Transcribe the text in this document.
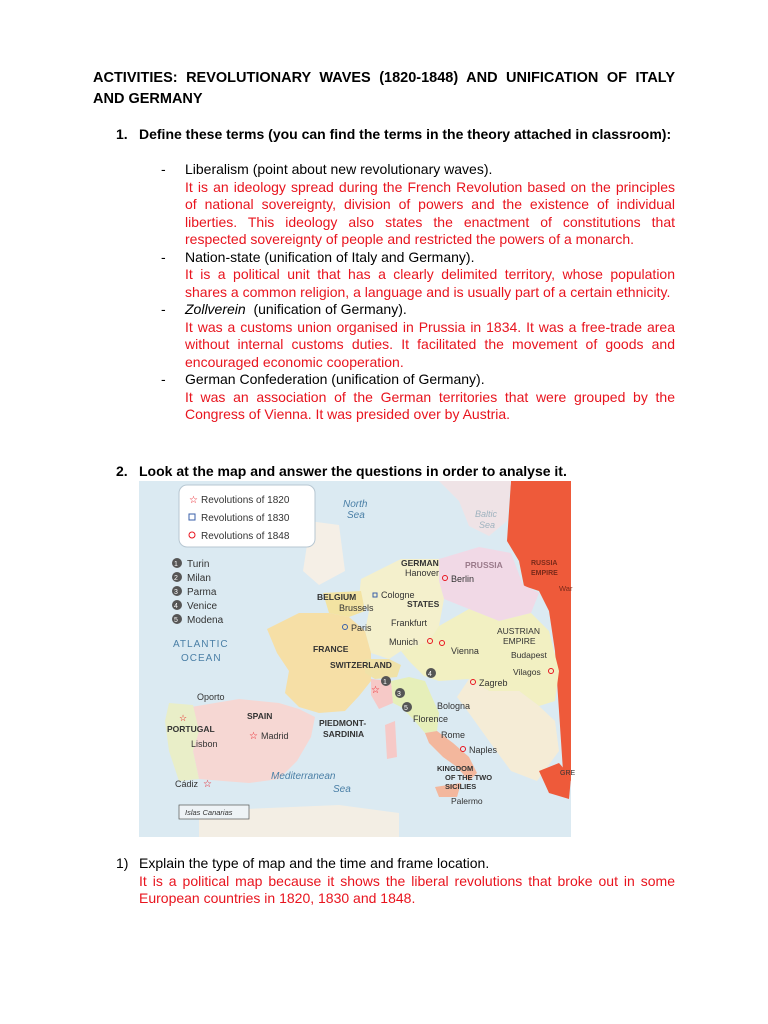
ACTIVITIES: REVOLUTIONARY WAVES (1820-1848) AND UNIFICATION OF ITALY AND GERMANY
1. Define these terms (you can find the terms in the theory attached in classroom):
- Liberalism (point about new revolutionary waves).
It is an ideology spread during the French Revolution based on the principles of national sovereignty, division of powers and the existence of individual liberties. This ideology also states the enactment of constitutions that respected sovereignty of people and restricted the powers of a monarch.
- Nation-state (unification of Italy and Germany).
It is a political unit that has a clearly delimited territory, whose population shares a common religion, a language and is usually part of a certain ethnicity.
- Zollverein  (unification of Germany).
It was a customs union organised in Prussia in 1834. It was a free-trade area without internal customs duties. It facilitated the movement of goods and encouraged economic cooperation.
- German Confederation (unification of Germany).
It was an association of the German territories that were grouped by the Congress of Vienna. It was presided over by Austria.
2. Look at the map and answer the questions in order to analyse it.
☆ Revolutions of 1820
Revolutions of 1830
Revolutions of 1848
1 Turin
2 Milan
3 Parma
4 Venice
5 Modena
North
Sea	Baltic
Sea
ATLANTIC
OCEAN
Mediterranean
Sea
GERMAN	PRUSSIA
STATES
RUSSIA
EMPIRE
BELGIUM
FRANCE
SWITZERLAND
AUSTRIAN
EMPIRE
PORTUGAL
SPAIN
PIEDMONT-
SARDINIA
KINGDOM
OF THE TWO
SICILIES
GRE
Islas Canarias
Hanover
Berlin
Brussels
Cologne
Paris Frankfurt
Munich
Vienna	Budapest
Vilagos
Zagreb
Oporto
☆
Lisbon
☆ Madrid
Cádiz ☆
Bologna
Florence
Rome
Naples
Palermo
War
1
4
3
5
☆
1) Explain the type of map and the time and frame location.
It is a political map because it shows the liberal revolutions that broke out in some European countries in 1820, 1830 and 1848.
